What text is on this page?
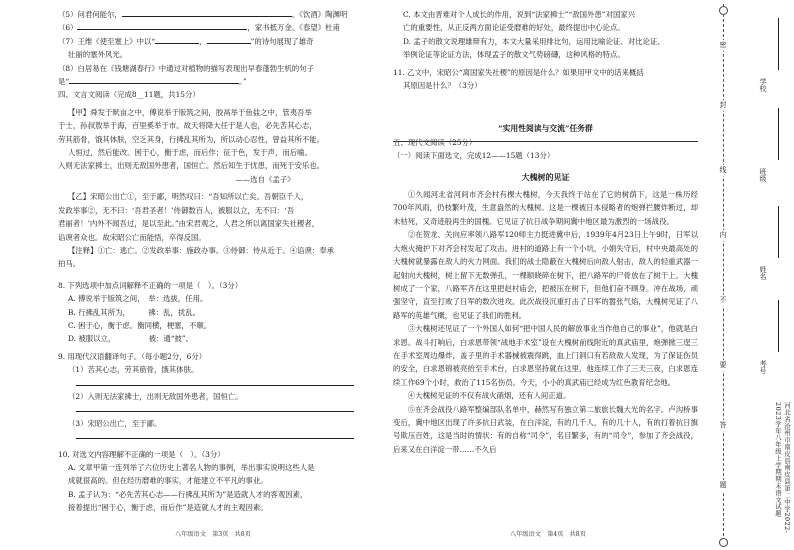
（5）问君何能尔，	。《饮酒》陶渊明
（6）	，家书抵万金。《春望》杜甫
（7）王维《使至塞上》中以“	，	”的诗句展现了雄奇
壮丽的塞外风光。
（8）白居易在《钱塘湖春行》中通过对植物的描写表现出早春蓬勃生机的句子
是“	。”
四、文言文阅读（完成8__11题，共15分）
【甲】舜发于畎亩之中，傅说举于版筑之间，胶鬲举于鱼盐之中，管夷吾举
于士，孙叔敖举于海，百里奚举于市。故天将降大任于是人也，必先苦其心志，
劳其筋骨，饿其体肤，空乏其身，行拂乱其所为，所以动心忍性，曾益其所不能。
人恒过，然后能改。困于心，衡于虑，而后作；征于色，发于声，而后喻。
入则无法家拂士，出则无敌国外患者，国恒亡。然后知生于忧患，而死于安乐也。
　　　　　　　　　　　　　　　　　　　　　　　　——选自《孟子》
【乙】宋昭公出亡①，至于鄙，明然叹曰：“吾知所以亡矣。吾朝臣千人，
发政举事②，无不曰：‘吾君圣者！’侍御数百人，被服以立，无不曰：‘吾
君丽者！’内外不闻吾过，是以至此。”由宋君观之，人君之所以离国家失社稷者，
谄谀者众也。故宋昭公亡而能悟，卒得反国。
【注释】①亡：逃亡。②发政举事：施政办事。③侍御：侍从近于。④谄谀：奉承
拍马。
8. 下列选项中加点词解释不正确的一项是（　）。（3分）
A. 傅说举于版筑之间，　举：选拔，任用。
B. 行拂乱其所为，　　　拂：乱，扰乱。
C. 困于心，衡于虑。衡同横，梗塞，不顺。
D. 被服以立，　　　　　被：通“披”。
9. 用现代汉语翻译句子。（每小题2分，6分）
（1）苦其心志，劳其筋骨，饿其体肤。
（2）入则无法家拂士，出则无敌国外患者，国恒亡。
（3）宋昭公出亡，至于鄙。
10. 对选文内容理解不正确的一项是（　）。（3分）
A. 文章甲第一连列举了六位历史上著名人物的事例，举出事实说明这些人是
成就很高的。但在经历磨难的事实，才能建立不平凡的事业。
B. 孟子认为：“必先苦其心志——行拂乱其所为”是造就人才的客观因素，
接着提出“困于心，衡于虑，而后作”是造就人才的主观因素。
C. 本文由晋难对个人成长的作用，说到“法家拂士”“敌国外患”对国家兴
亡的重要性，从正反两方面论证受磨难的好处，最终提出中心论点。
D. 孟子的散文说理雄辩有力，本文大量采用排比句，运用比喻论证、对比论证、
举例论证等论证方法，体现孟子的散文气势磅礴，这种风格的特点。
11. 乙文中，宋昭公“离国家失社稷”的原因是什么？如果用甲文中的话来概括
其原因是什么？（3分）
“实用性阅读与交流”任务群
五、现代文阅读（25分）
（一）阅读下面选文，完成12——15题（13分）
大槐树的见证
①久闻河北省河间市齐会村有棵大槐树，今天我终于站在了它的树荫下，这是一株历经700年风雨，仍枝繁叶茂，生意盎然的大槐树。这是一棵被日本侵略者的炮弹拦腰炸断过，却未枯死，又奇迹般再生的国槐。它见证了抗日战争期间冀中地区最为激烈的一场战役。
②在贺龙、关向应率领八路军120师主力挺进冀中后，1939年4月23日上午9时，日军以大炮火掩护下对齐会村发起了攻击。进村的道路上有一个小坑，小娟失守后，村中央最高处的大槐树就暴露在敌人的火力网面。我们的战士隐蔽在大槐树后向敌人射击，敌人的轻重武器一起射向大槐树，树上留下无数弹孔，一棵顺晓碎在树下，把八路军的尸骨放在了树干上。大槐树成了一个家，八路军齐在这里把赵村庙会，把被压在树下，但他们奋不顾身。冲在战场，顽强坚守，直至打败了日军的数次进攻。此次战役沉重打击了日军的嚣张气焰，大槐树见证了八路军的英雄气概，也见证了我们的胜利。
③大槐树还见证了一个外国人如何“把中国人民的解放事业当作他自己的事业”，他就是白求恩。战斗打响后，白求恩带领“战地手术室”设在大槐树前线附近的真武庙里，炮弹掀三逞三在手术室周边爆炸，盖子里的手术器械被震得跳，血上门洞口有若敌敌人发现，为了保证伤员的安全，白求恩锦被亮抬至手术台，白求恩坚持就在这里，他连续工作了三天三夜，白求恩连续工作69个小时，救治了115名伤员。今天，小小的真武庙已经成为红色教育纪念地。
④大槐树见证的不仅有战火硝烟，还有人间正道。
⑤在齐会战役八路军整编部队名单中，赫然写有独立第二旅旅长魏大光的名字。卢沟桥事变后，冀中地区出现了许多抗日武装，在白洋淀，有的几千人，有的几十人，有的打着抗日旗号欺压百姓，这是当时的情状：有的自称“司令”，名目繁多，有的“司令”，参加了齐会战役，后来又在白洋淀一带……不久后
八年级语文　第3页　共8页	八年级语文　第4页　共8页
密
封
线
内
不
要
答
题
学校
班级
姓名
考号
河北省沧州市南皮县南皮县第二中学2022-2023学年八年级上学期期末语文试题
